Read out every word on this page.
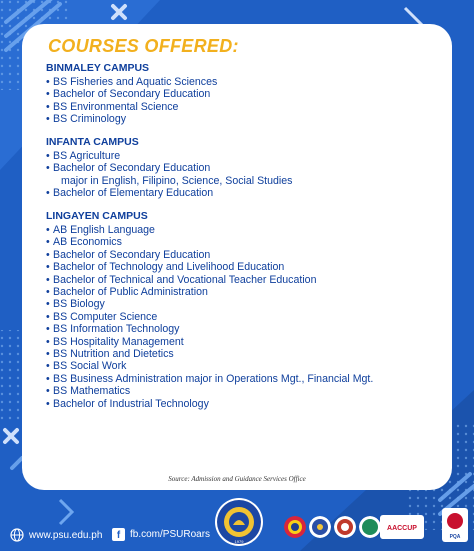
COURSES OFFERED:
BINMALEY CAMPUS
• BS Fisheries and Aquatic Sciences
• Bachelor of Secondary Education
• BS Environmental Science
• BS Criminology
INFANTA CAMPUS
• BS Agriculture
• Bachelor of Secondary Education
major in English, Filipino, Science, Social Studies
• Bachelor of Elementary Education
LINGAYEN CAMPUS
• AB English Language
• AB Economics
• Bachelor of Secondary Education
• Bachelor of Technology and Livelihood Education
• Bachelor of Technical and Vocational Teacher Education
• Bachelor of Public Administration
• BS Biology
• BS Computer Science
• BS Information Technology
• BS Hospitality Management
• BS Nutrition and Dietetics
• BS Social Work
• BS Business Administration major in Operations Mgt., Financial Mgt.
• BS Mathematics
• Bachelor of Industrial Technology
Source: Admission and Guidance Services Office
www.psu.edu.ph	f fb.com/PSURoars
1979
AACCUP
PQA
